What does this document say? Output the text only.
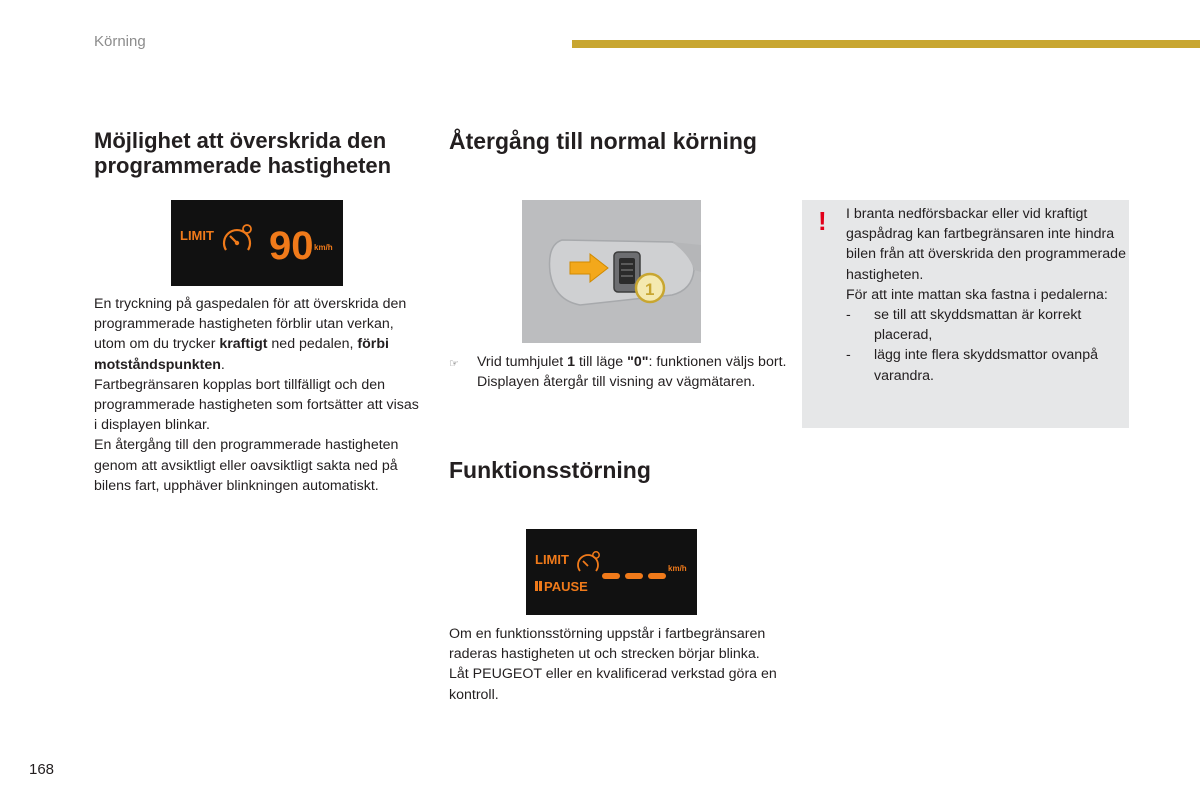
Körning
Möjlighet att överskrida den programmerade hastigheten
LIMIT 90 km/h

En tryckning på gaspedalen för att överskrida den programmerade hastigheten förblir utan verkan, utom om du trycker kraftigt ned pedalen, förbi motståndspunkten.

Fartbegränsaren kopplas bort tillfälligt och den programmerade hastigheten som fortsätter att visas i displayen blinkar.

En återgång till den programmerade hastigheten genom att avsiktligt eller oavsiktligt sakta ned på bilens fart, upphäver blinkningen automatiskt.

Återgång till normal körning
1
☞	Vrid tumhjulet 1 till läge "0": funktionen väljs bort. Displayen återgår till visning av vägmätaren.
Funktionsstörning
LIMIT
PAUSE
km/h

Om en funktionsstörning uppstår i fartbegränsaren raderas hastigheten ut och strecken börjar blinka.

Låt PEUGEOT eller en kvalificerad verkstad göra en kontroll.

! I branta nedförsbackar eller vid kraftigt gaspådrag kan fartbegränsaren inte hindra bilen från att överskrida den programmerade hastigheten.

För att inte mattan ska fastna i pedalerna:

-	se till att skyddsmattan är korrekt placerad,
-	lägg inte flera skyddsmattor ovanpå varandra.
168
